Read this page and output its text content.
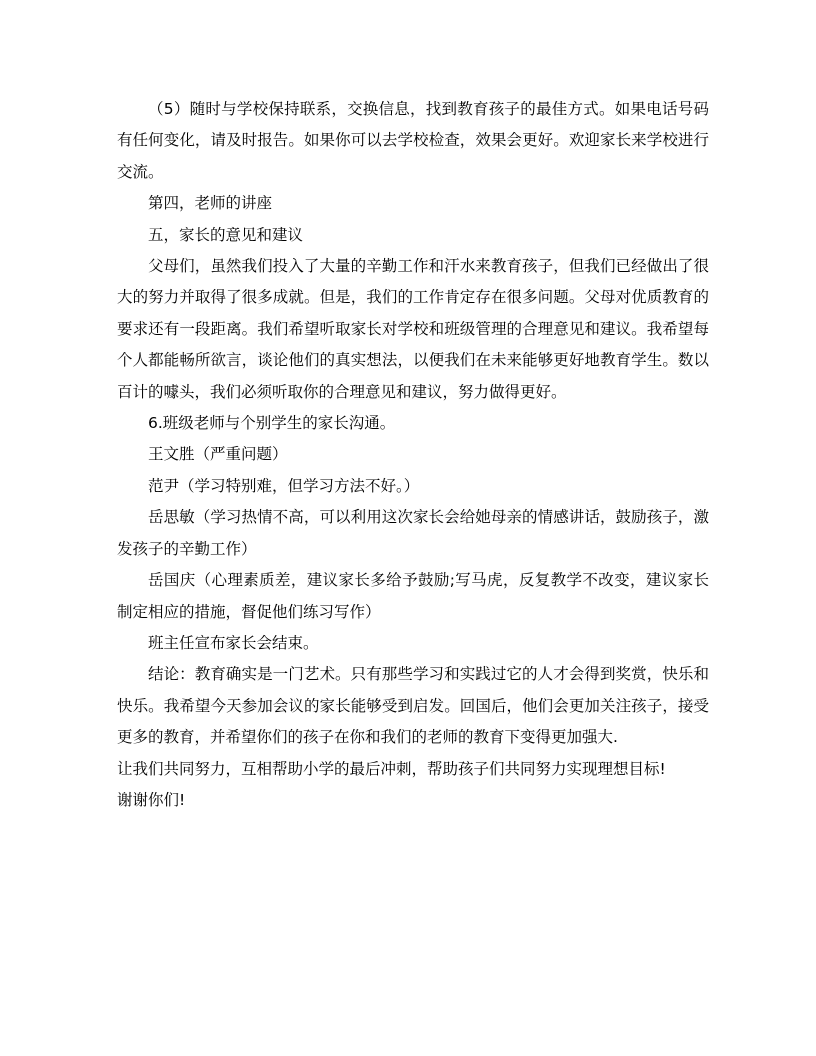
（5）随时与学校保持联系，交换信息，找到教育孩子的最佳方式。如果电话号码有任何变化，请及时报告。如果你可以去学校检查，效果会更好。欢迎家长来学校进行交流。

第四，老师的讲座

五，家长的意见和建议

父母们，虽然我们投入了大量的辛勤工作和汗水来教育孩子，但我们已经做出了很大的努力并取得了很多成就。但是，我们的工作肯定存在很多问题。父母对优质教育的要求还有一段距离。我们希望听取家长对学校和班级管理的合理意见和建议。我希望每个人都能畅所欲言，谈论他们的真实想法，以便我们在未来能够更好地教育学生。数以百计的噱头，我们必须听取你的合理意见和建议，努力做得更好。

6.班级老师与个别学生的家长沟通。

王文胜（严重问题）

范尹（学习特别难，但学习方法不好。）

岳思敏（学习热情不高，可以利用这次家长会给她母亲的情感讲话，鼓励孩子，激发孩子的辛勤工作）

岳国庆（心理素质差，建议家长多给予鼓励;写马虎，反复教学不改变，建议家长制定相应的措施，督促他们练习写作）

班主任宣布家长会结束。

结论：教育确实是一门艺术。只有那些学习和实践过它的人才会得到奖赏，快乐和快乐。我希望今天参加会议的家长能够受到启发。回国后，他们会更加关注孩子，接受更多的教育，并希望你们的孩子在你和我们的老师的教育下变得更加强大.

让我们共同努力，互相帮助小学的最后冲刺，帮助孩子们共同努力实现理想目标!

谢谢你们!
